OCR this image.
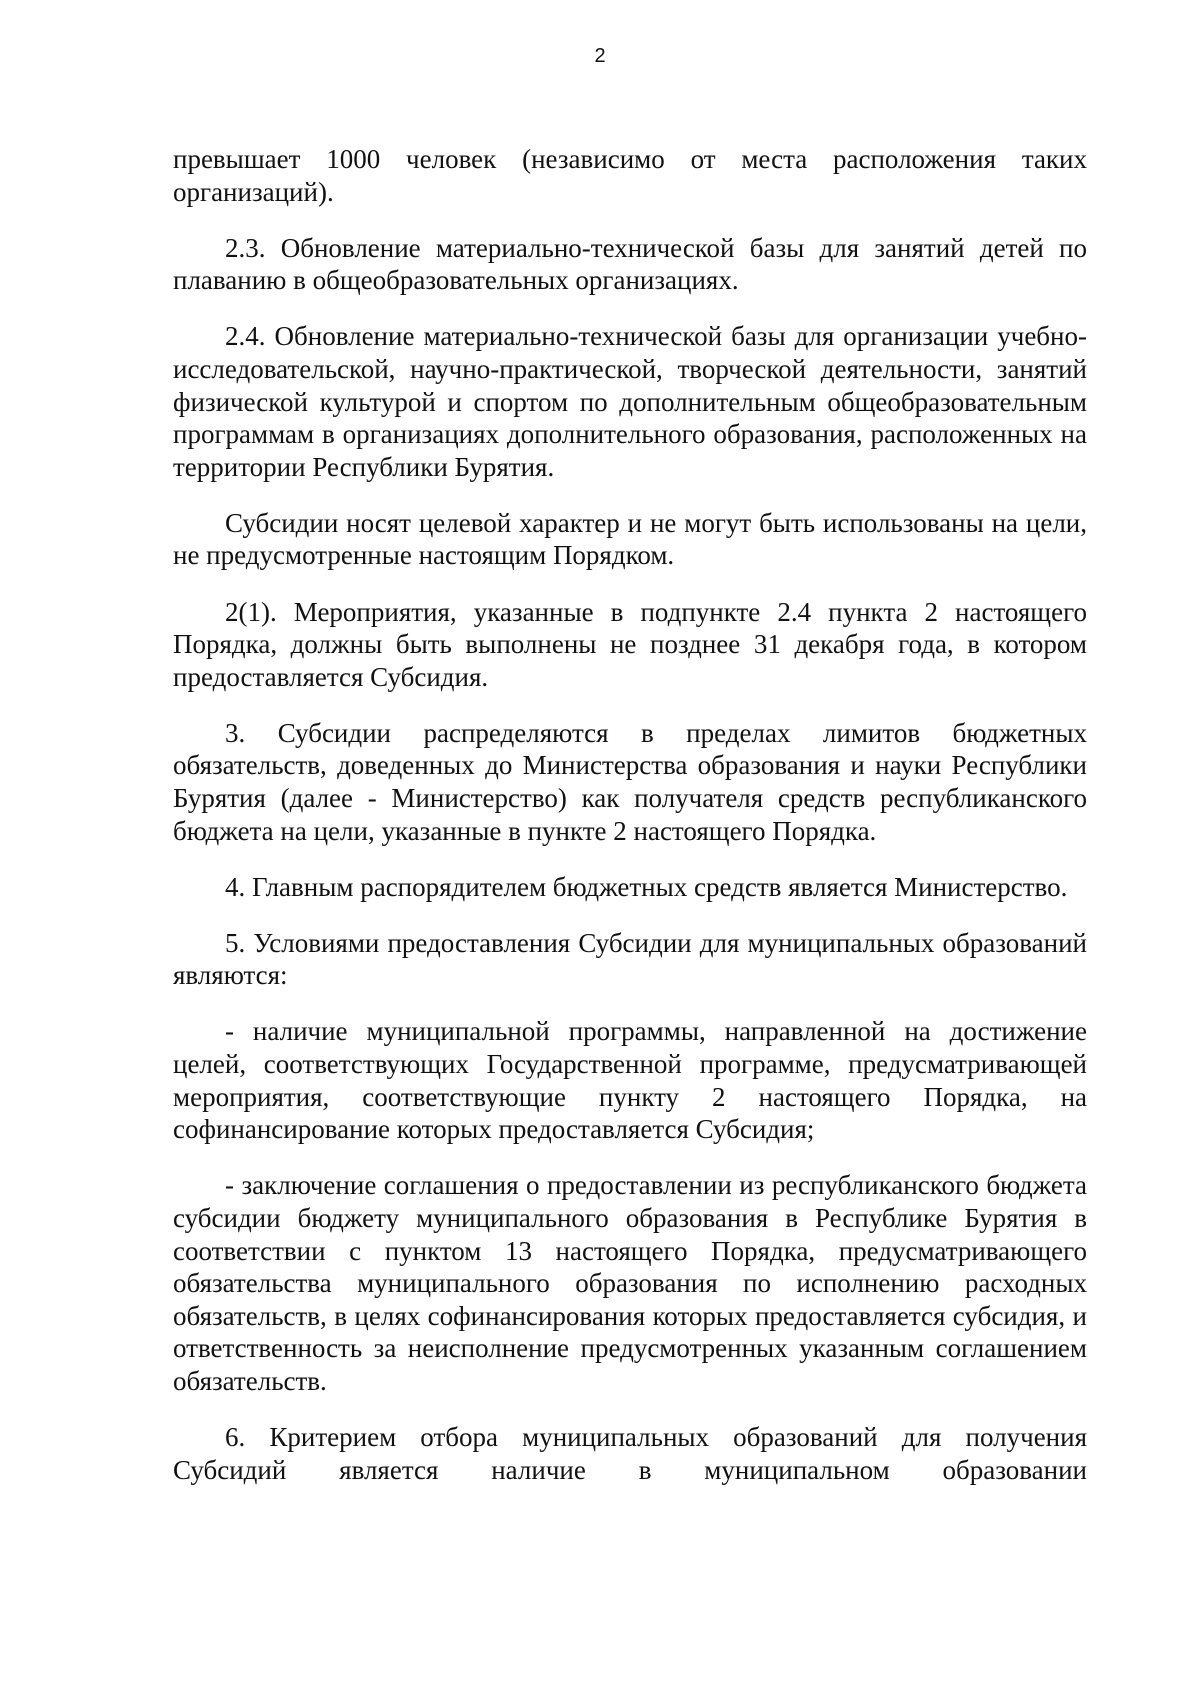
2

превышает 1000 человек (независимо от места расположения таких организаций).

2.3. Обновление материально-технической базы для занятий детей по плаванию в общеобразовательных организациях.

2.4. Обновление материально-технической базы для организации учебно-исследовательской, научно-практической, творческой деятельности, занятий физической культурой и спортом по дополнительным общеобразовательным программам в организациях дополнительного образования, расположенных на территории Республики Бурятия.

Субсидии носят целевой характер и не могут быть использованы на цели, не предусмотренные настоящим Порядком.

2(1). Мероприятия, указанные в подпункте 2.4 пункта 2 настоящего Порядка, должны быть выполнены не позднее 31 декабря года, в котором предоставляется Субсидия.

3. Субсидии распределяются в пределах лимитов бюджетных обязательств, доведенных до Министерства образования и науки Республики Бурятия (далее - Министерство) как получателя средств республиканского бюджета на цели, указанные в пункте 2 настоящего Порядка.

4. Главным распорядителем бюджетных средств является Министерство.

5. Условиями предоставления Субсидии для муниципальных образований являются:

- наличие муниципальной программы, направленной на достижение целей, соответствующих Государственной программе, предусматривающей мероприятия, соответствующие пункту 2 настоящего Порядка, на софинансирование которых предоставляется Субсидия;

- заключение соглашения о предоставлении из республиканского бюджета субсидии бюджету муниципального образования в Республике Бурятия в соответствии с пунктом 13 настоящего Порядка, предусматривающего обязательства муниципального образования по исполнению расходных обязательств, в целях софинансирования которых предоставляется субсидия, и ответственность за неисполнение предусмотренных указанным соглашением обязательств.

6. Критерием отбора муниципальных образований для получения Субсидий является наличие в муниципальном образовании
